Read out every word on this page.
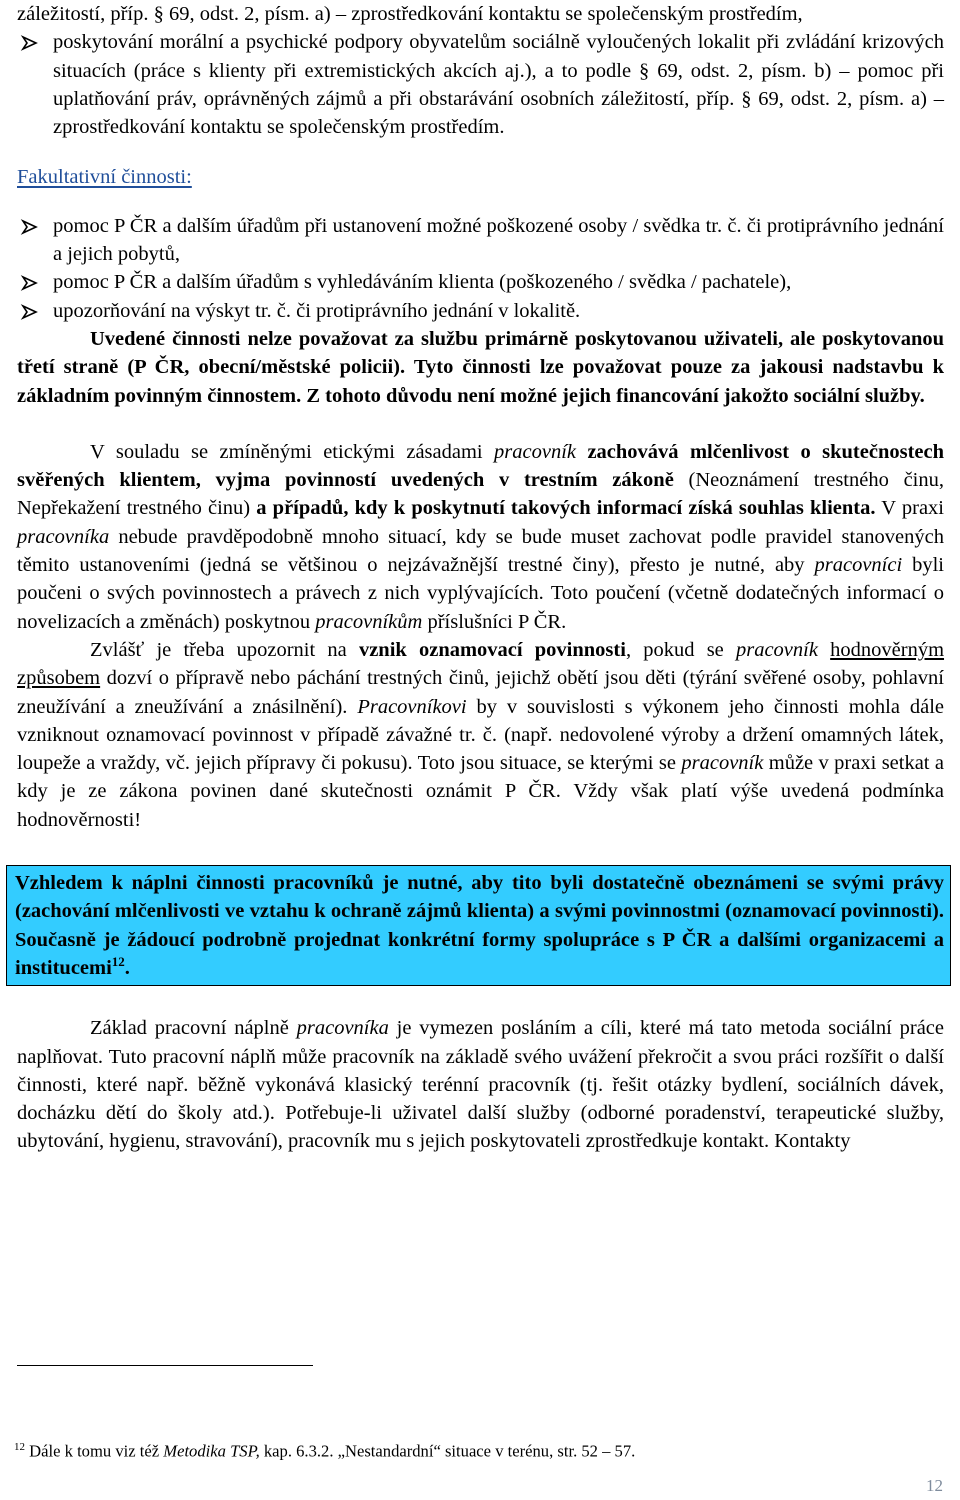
záležitostí, příp. § 69, odst. 2, písm. a) – zprostředkování kontaktu se společenským prostředím,

poskytování morální a psychické podpory obyvatelům sociálně vyloučených lokalit při zvládání krizových situacích (práce s klienty při extremistických akcích aj.), a to podle § 69, odst. 2, písm. b) – pomoc při uplatňování práv, oprávněných zájmů a při obstarávání osobních záležitostí, příp. § 69, odst. 2, písm. a) – zprostředkování kontaktu se společenským prostředím.

Fakultativní činnosti:

pomoc P ČR a dalším úřadům při ustanovení možné poškozené osoby / svědka tr. č. či protiprávního jednání a jejich pobytů,

pomoc P ČR a dalším úřadům s vyhledáváním klienta (poškozeného / svědka / pachatele),

upozorňování na výskyt tr. č. či protiprávního jednání v lokalitě.

Uvedené činnosti nelze považovat za službu primárně poskytovanou uživateli, ale poskytovanou třetí straně (P ČR, obecní/městské policii). Tyto činnosti lze považovat pouze za jakousi nadstavbu k základním povinným činnostem. Z tohoto důvodu není možné jejich financování jakožto sociální služby.

V souladu se zmíněnými etickými zásadami pracovník zachovává mlčenlivost o skutečnostech svěřených klientem, vyjma povinností uvedených v trestním zákoně (Neoznámení trestného činu, Nepřekažení trestného činu) a případů, kdy k poskytnutí takových informací získá souhlas klienta. V praxi pracovníka nebude pravděpodobně mnoho situací, kdy se bude muset zachovat podle pravidel stanovených těmito ustanoveními (jedná se většinou o nejzávažnější trestné činy), přesto je nutné, aby pracovníci byli poučeni o svých povinnostech a právech z nich vyplývajících. Toto poučení (včetně dodatečných informací o novelizacích a změnách) poskytnou pracovníkům příslušníci P ČR.

Zvlášť je třeba upozornit na vznik oznamovací povinnosti, pokud se pracovník hodnověrným způsobem dozví o přípravě nebo páchání trestných činů, jejichž obětí jsou děti (týrání svěřené osoby, pohlavní zneužívání a zneužívání a znásilnění). Pracovníkovi by v souvislosti s výkonem jeho činnosti mohla dále vzniknout oznamovací povinnost v případě závažné tr. č. (např. nedovolené výroby a držení omamných látek, loupeže a vraždy, vč. jejich přípravy či pokusu). Toto jsou situace, se kterými se pracovník může v praxi setkat a kdy je ze zákona povinen dané skutečnosti oznámit P ČR. Vždy však platí výše uvedená podmínka hodnověrnosti!

Vzhledem k náplni činnosti pracovníků je nutné, aby tito byli dostatečně obeznámeni se svými právy (zachování mlčenlivosti ve vztahu k ochraně zájmů klienta) a svými povinnostmi (oznamovací povinnosti). Současně je žádoucí podrobně projednat konkrétní formy spolupráce s P ČR a dalšími organizacemi a institucemi$^{12}$.

Základ pracovní náplně pracovníka je vymezen posláním a cíli, které má tato metoda sociální práce naplňovat. Tuto pracovní náplň může pracovník na základě svého uvážení překročit a svou práci rozšířit o další činnosti, které např. běžně vykonává klasický terénní pracovník (tj. řešit otázky bydlení, sociálních dávek, docházku dětí do školy atd.). Potřebuje-li uživatel další služby (odborné poradenství, terapeutické služby, ubytování, hygienu, stravování), pracovník mu s jejich poskytovateli zprostředkuje kontakt. Kontakty

$^{12}$ Dále k tomu viz též Metodika TSP, kap. 6.3.2. „Nestandardní“ situace v terénu, str. 52 – 57.
12
